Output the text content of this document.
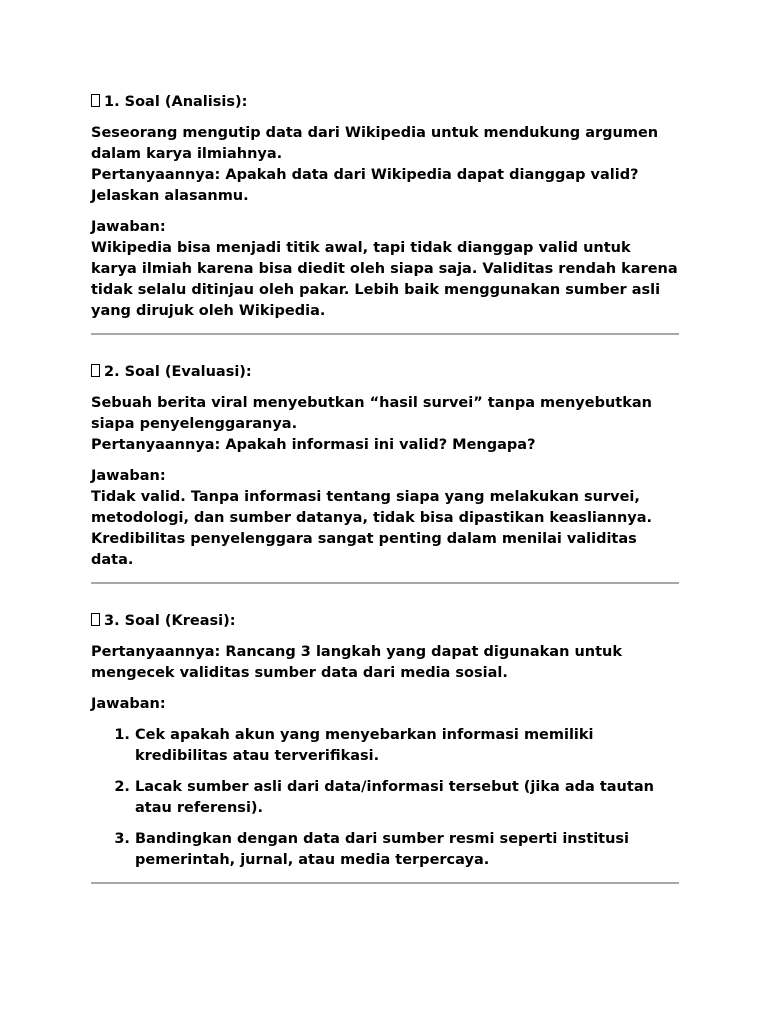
1. Soal (Analisis):
Seseorang mengutip data dari Wikipedia untuk mendukung argumen dalam karya ilmiahnya.
Pertanyaannya: Apakah data dari Wikipedia dapat dianggap valid? Jelaskan alasanmu.
Jawaban:
Wikipedia bisa menjadi titik awal, tapi tidak dianggap valid untuk karya ilmiah karena bisa diedit oleh siapa saja. Validitas rendah karena tidak selalu ditinjau oleh pakar. Lebih baik menggunakan sumber asli yang dirujuk oleh Wikipedia.
2. Soal (Evaluasi):
Sebuah berita viral menyebutkan “hasil survei” tanpa menyebutkan siapa penyelenggaranya.
Pertanyaannya: Apakah informasi ini valid? Mengapa?
Jawaban:
Tidak valid. Tanpa informasi tentang siapa yang melakukan survei, metodologi, dan sumber datanya, tidak bisa dipastikan keasliannya. Kredibilitas penyelenggara sangat penting dalam menilai validitas data.
3. Soal (Kreasi):
Pertanyaannya: Rancang 3 langkah yang dapat digunakan untuk mengecek validitas sumber data dari media sosial.
Jawaban:
1. Cek apakah akun yang menyebarkan informasi memiliki kredibilitas atau terverifikasi.
2. Lacak sumber asli dari data/informasi tersebut (jika ada tautan atau referensi).
3. Bandingkan dengan data dari sumber resmi seperti institusi pemerintah, jurnal, atau media terpercaya.
